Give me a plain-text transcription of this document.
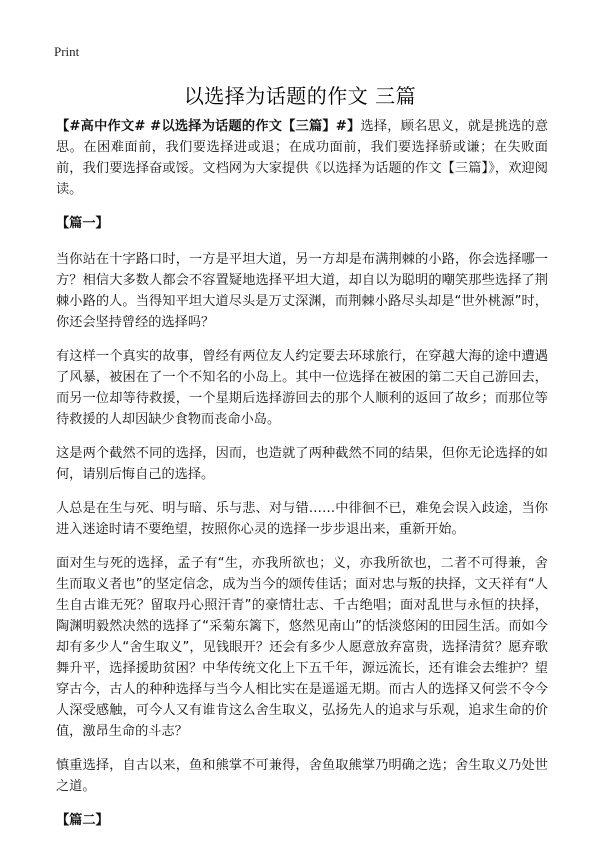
Print
以选择为话题的作文 三篇

【#高中作文# #以选择为话题的作文【三篇】#】选择，顾名思义，就是挑选的意思。在困难面前，我们要选择进或退；在成功面前，我们要选择骄或谦；在失败面前，我们要选择奋或馁。文档网为大家提供《以选择为话题的作文【三篇】》，欢迎阅读。

【篇一】

当你站在十字路口时，一方是平坦大道，另一方却是布满荆棘的小路，你会选择哪一方？相信大多数人都会不容置疑地选择平坦大道，却自以为聪明的嘲笑那些选择了荆棘小路的人。当得知平坦大道尽头是万丈深渊，而荆棘小路尽头却是“世外桃源”时，你还会坚持曾经的选择吗？

有这样一个真实的故事，曾经有两位友人约定要去环球旅行，在穿越大海的途中遭遇了风暴，被困在了一个不知名的小岛上。其中一位选择在被困的第二天自己游回去，而另一位却等待救援，一个星期后选择游回去的那个人顺利的返回了故乡；而那位等待救援的人却因缺少食物而丧命小岛。

这是两个截然不同的选择，因而，也造就了两种截然不同的结果，但你无论选择的如何，请别后悔自己的选择。

人总是在生与死、明与暗、乐与悲、对与错……中徘徊不已，难免会误入歧途，当你进入迷途时请不要绝望，按照你心灵的选择一步步退出来，重新开始。

面对生与死的选择，孟子有“生，亦我所欲也；义，亦我所欲也，二者不可得兼，舍生而取义者也”的坚定信念，成为当今的颂传佳话；面对忠与叛的抉择，文天祥有“人生自古谁无死？留取丹心照汗青”的豪情壮志、千古绝唱；面对乱世与永恒的抉择，陶渊明毅然决然的选择了“采菊东篱下，悠然见南山”的恬淡悠闲的田园生活。而如今却有多少人“舍生取义”，见钱眼开？还会有多少人愿意放弃富贵，选择清贫？愿弃歌舞升平，选择援助贫困？中华传统文化上下五千年，源远流长，还有谁会去维护？望穿古今，古人的种种选择与当今人相比实在是遥遥无期。而古人的选择又何尝不令今人深受感触，可今人又有谁肯这么舍生取义，弘扬先人的追求与乐观，追求生命的价值，激昂生命的斗志？

慎重选择，自古以来，鱼和熊掌不可兼得，舍鱼取熊掌乃明确之选；舍生取义乃处世之道。

【篇二】
